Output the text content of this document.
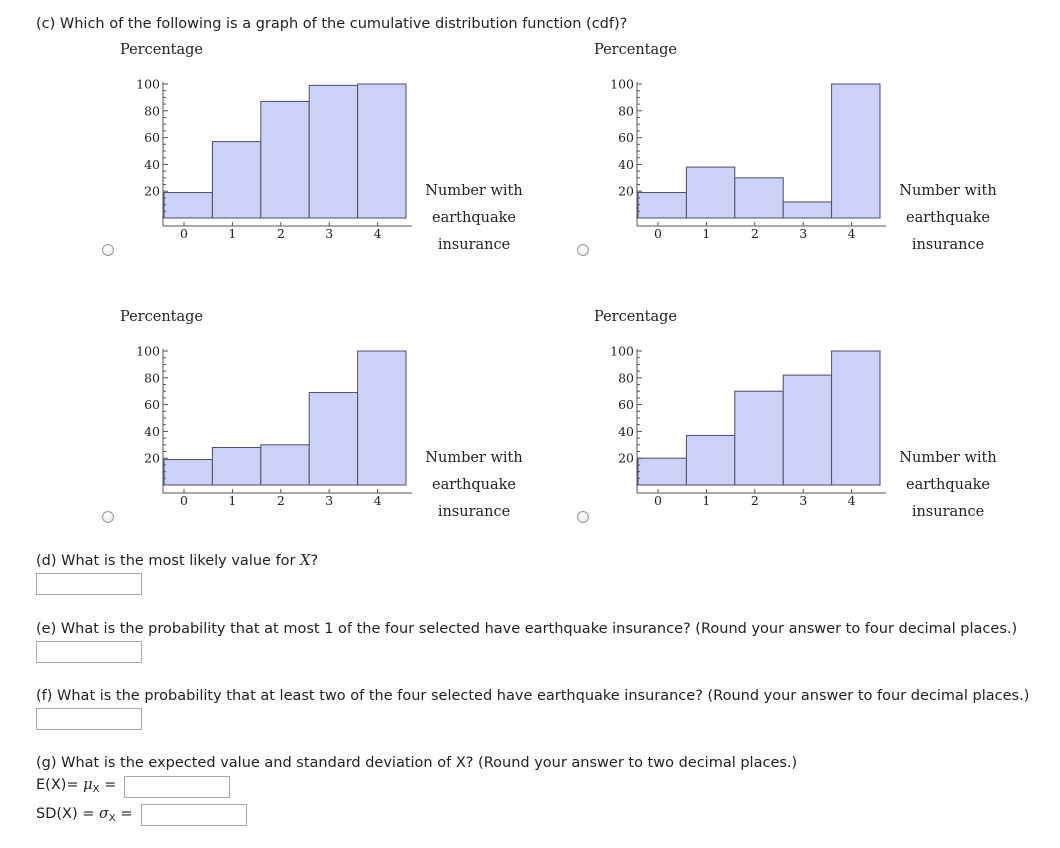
(c) Which of the following is a graph of the cumulative distribution function (cdf)?
Percentage
20
40
60
80
100
0	1	2	3	4
Number with
earthquake
insurance
Percentage
20
40
60
80
100
0	1	2	3	4
Number with
earthquake
insurance
Percentage
20
40
60
80
100
0	1	2	3	4
Number with
earthquake
insurance
Percentage
20
40
60
80
100
0	1	2	3	4
Number with
earthquake
insurance
(d) What is the most likely value for X?
(e) What is the probability that at most 1 of the four selected have earthquake insurance? (Round your answer to four decimal places.)
(f) What is the probability that at least two of the four selected have earthquake insurance? (Round your answer to four decimal places.)
(g) What is the expected value and standard deviation of X? (Round your answer to two decimal places.)
$E(X)= \mu_X$ =
$SD(X) = \sigma_X$ =
